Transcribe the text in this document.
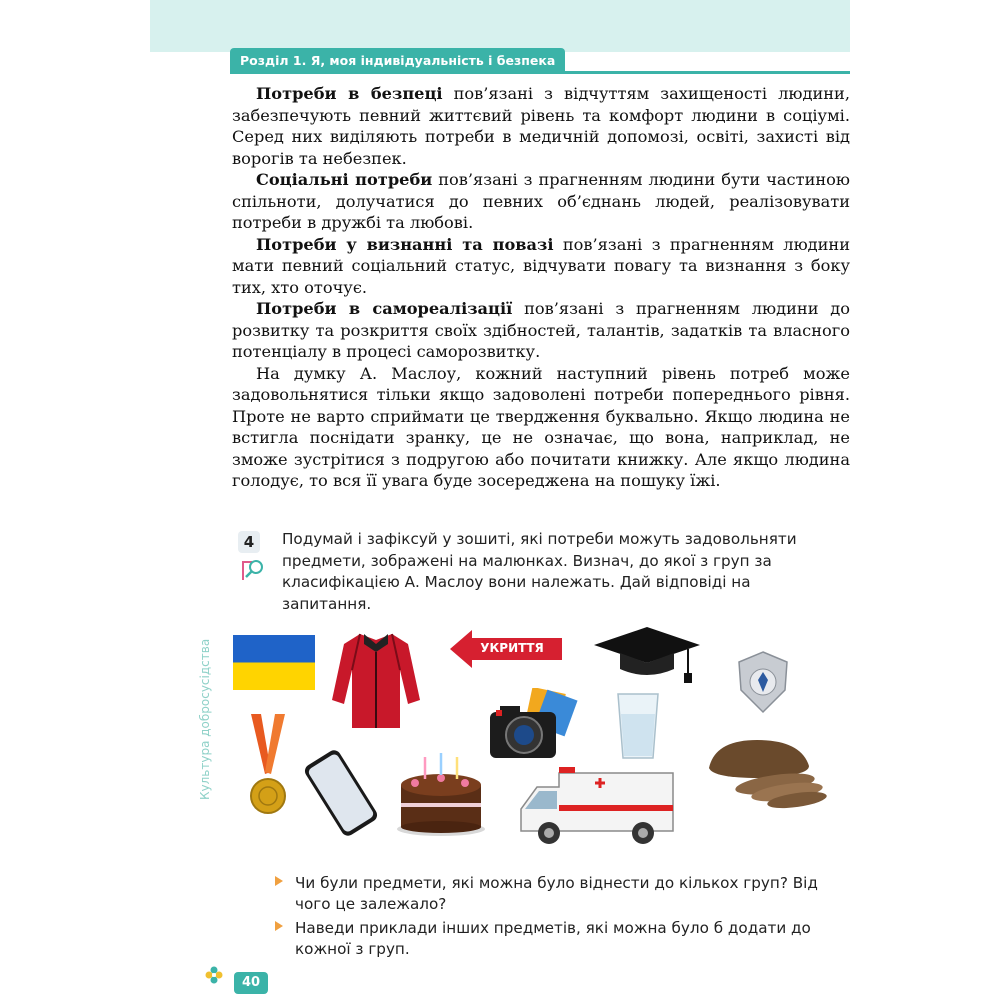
Розділ 1. Я, моя індивідуальність і безпека

Потреби в безпеці пов’язані з відчуттям захищеності людини, забезпечують певний життєвий рівень та комфорт людини в соціумі. Серед них виділяють потреби в медичній допомозі, освіті, захисті від ворогів та небезпек.

Соціальні потреби пов’язані з прагненням людини бути частиною спільноти, долучатися до певних об’єднань людей, реалізовувати потреби в дружбі та любові.

Потреби у визнанні та повазі пов’язані з прагненням людини мати певний соціальний статус, відчувати повагу та визнання з боку тих, хто оточує.

Потреби в самореалізації пов’язані з прагненням людини до розвитку та розкриття своїх здібностей, талантів, задатків та власного потенціалу в процесі саморозвитку.

На думку А. Маслоу, кожний наступний рівень потреб може задовольнятися тільки якщо задоволені потреби попереднього рівня. Проте не варто сприймати це твердження буквально. Якщо людина не встигла поснідати зранку, це не означає, що вона, наприклад, не зможе зустрітися з подругою або почитати книжку. Але якщо людина голодує, то вся її увага буде зосереджена на пошуку їжі.

4	Подумай і зафіксуй у зошиті, які потреби можуть задовольняти предмети, зображені на малюнках. Визнач, до якої з груп за класифікацією А. Маслоу вони належать. Дай відповіді на запитання.
УКРИТТЯ
Чи були предмети, які можна було віднести до кількох груп? Від чого це залежало?
Наведи приклади інших предметів, які можна було б додати до кожної з груп.
Культура добросусідства
40
